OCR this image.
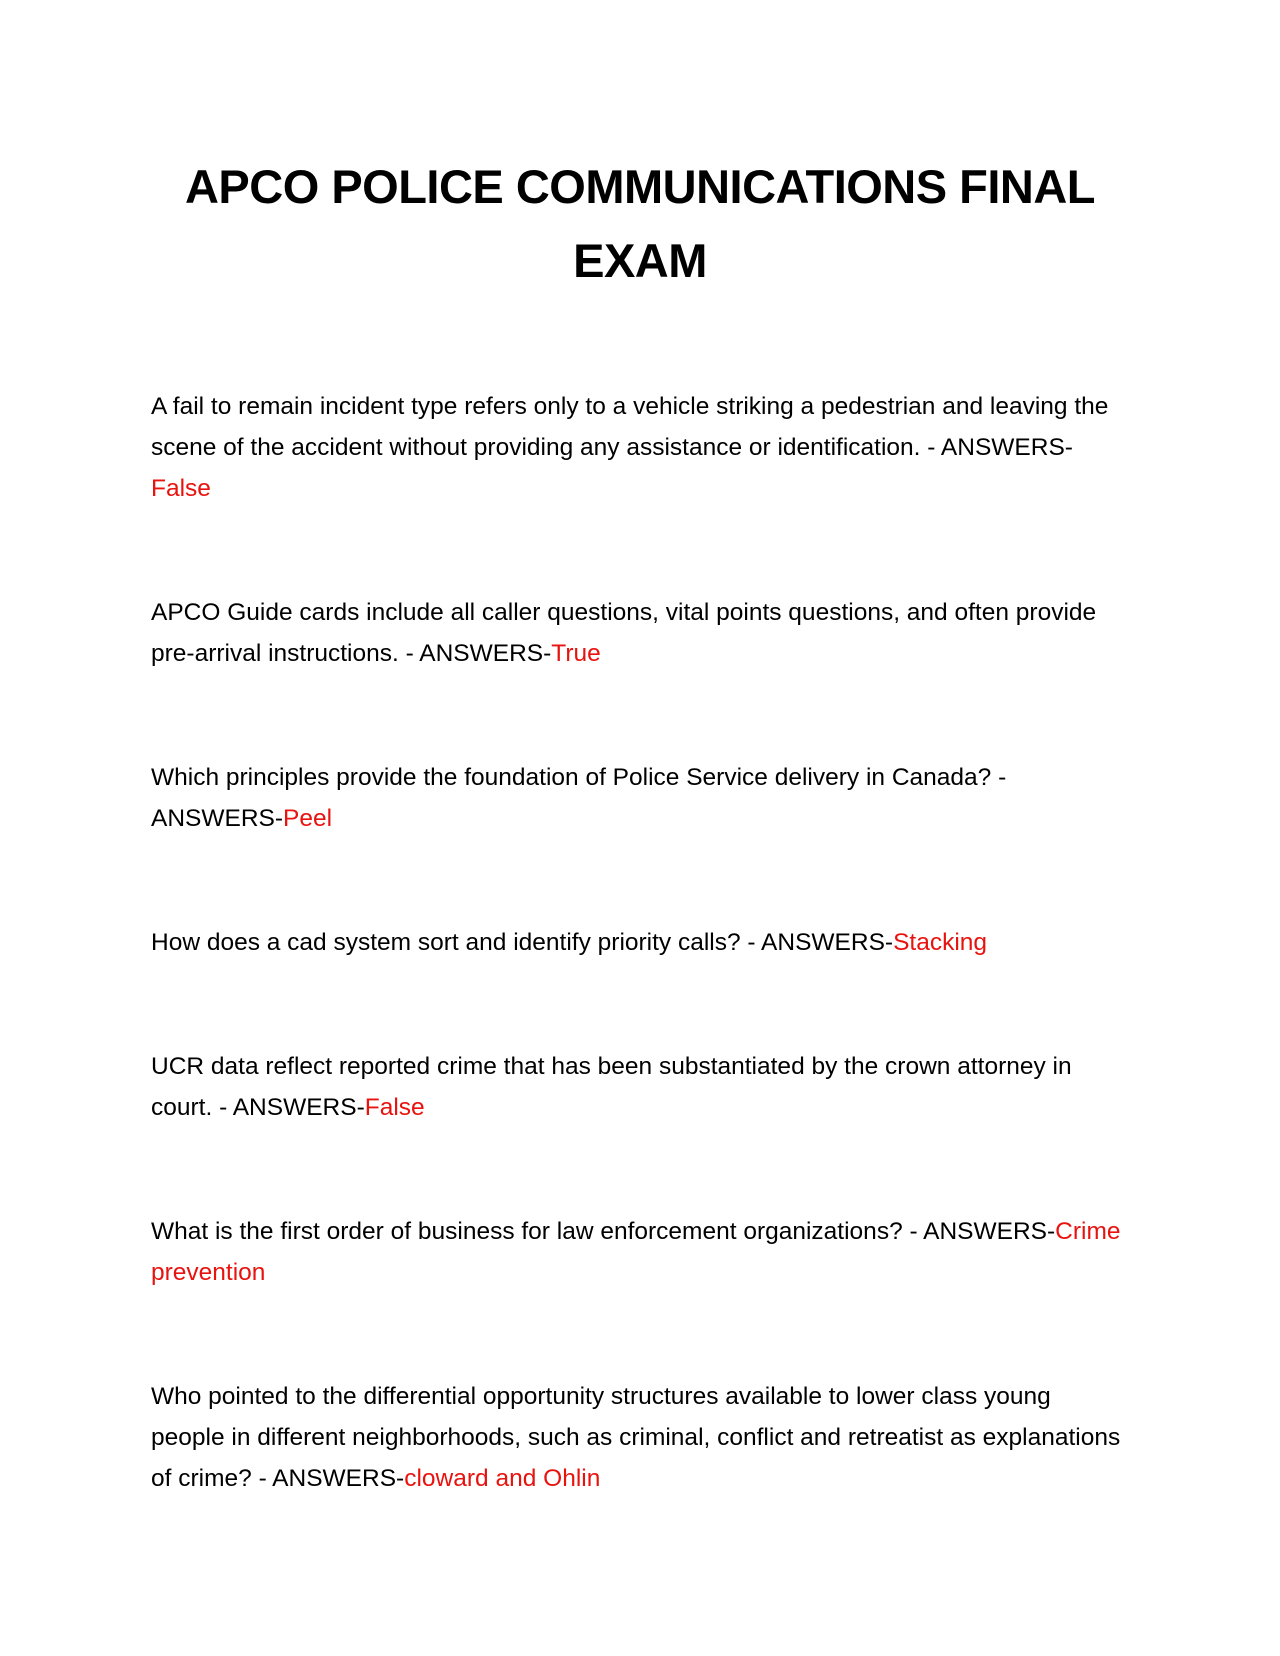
APCO POLICE COMMUNICATIONS FINAL EXAM

A fail to remain incident type refers only to a vehicle striking a pedestrian and leaving the scene of the accident without providing any assistance or identification. - ANSWERS-False

APCO Guide cards include all caller questions, vital points questions, and often provide pre-arrival instructions. - ANSWERS-True

Which principles provide the foundation of Police Service delivery in Canada? - ANSWERS-Peel

How does a cad system sort and identify priority calls? - ANSWERS-Stacking

UCR data reflect reported crime that has been substantiated by the crown attorney in court. - ANSWERS-False

What is the first order of business for law enforcement organizations? - ANSWERS-Crime prevention

Who pointed to the differential opportunity structures available to lower class young people in different neighborhoods, such as criminal, conflict and retreatist as explanations of crime? - ANSWERS-cloward and Ohlin
